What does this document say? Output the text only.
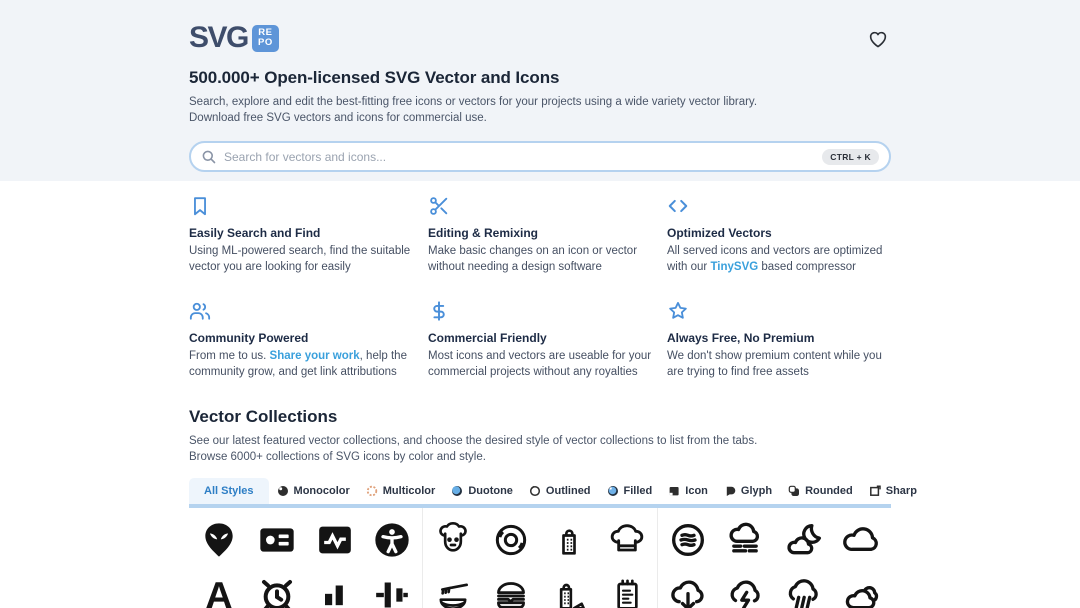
SVG RE
PO
500.000+ Open-licensed SVG Vector and Icons

Search, explore and edit the best-fitting free icons or vectors for your projects using a wide variety vector library.
Download free SVG vectors and icons for commercial use.

Search for vectors and icons...
CTRL + K
Easily Search and Find
Using ML-powered search, find the suitable vector you are looking for easily
Editing & Remixing
Make basic changes on an icon or vector without needing a design software
Optimized Vectors
All served icons and vectors are optimized with our TinySVG based compressor
Community Powered
From me to us. Share your work, help the community grow, and get link attributions
Commercial Friendly
Most icons and vectors are useable for your commercial projects without any royalties
Always Free, No Premium
We don't show premium content while you are trying to find free assets
Vector Collections

See our latest featured vector collections, and choose the desired style of vector collections to list from the tabs.
Browse 6000+ collections of SVG icons by color and style.

All Styles	Monocolor	Multicolor	Duotone	Outlined	Filled	Icon	Glyph	Rounded	Sharp
